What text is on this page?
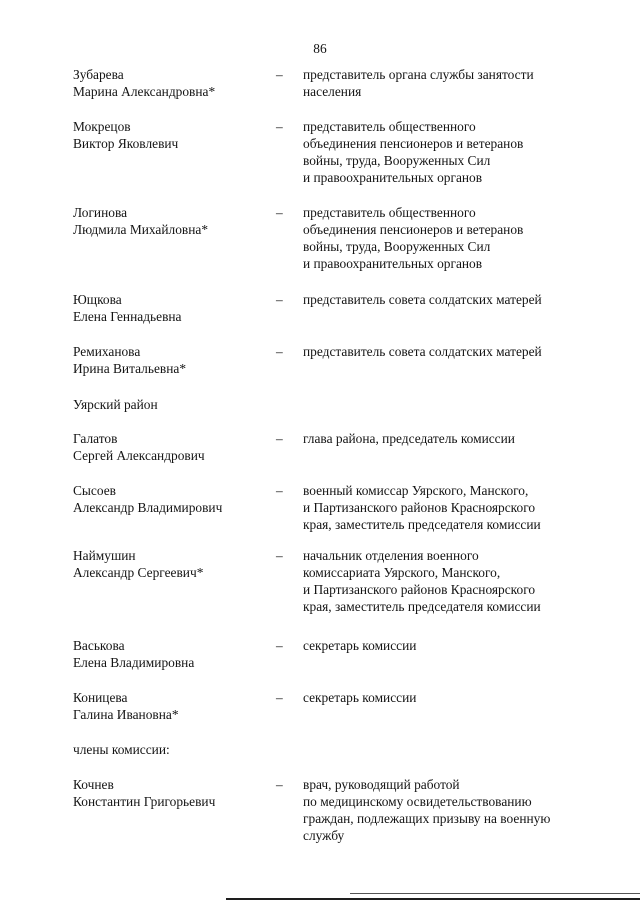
86
Зубарева
Марина Александровна*
– представитель органа службы занятости
населения
Мокрецов
Виктор Яковлевич
– представитель общественного
объединения пенсионеров и ветеранов
войны, труда, Вооруженных Сил
и правоохранительных органов
Логинова
Людмила Михайловна*
– представитель общественного
объединения пенсионеров и ветеранов
войны, труда, Вооруженных Сил
и правоохранительных органов
Ющкова
Елена Геннадьевна
– представитель совета солдатских матерей
Ремиханова
Ирина Витальевна*
– представитель совета солдатских матерей
Уярский район
Галатов
Сергей Александрович
– глава района, председатель комиссии
Сысоев
Александр Владимирович
– военный комиссар Уярского, Манского,
и Партизанского районов Красноярского
края, заместитель председателя комиссии
Наймушин
Александр Сергеевич*
– начальник отделения военного
комиссариата Уярского, Манского,
и Партизанского районов Красноярского
края, заместитель председателя комиссии
Васькова
Елена Владимировна
– секретарь комиссии
Коницева
Галина Ивановна*
– секретарь комиссии
члены комиссии:
Кочнев
Константин Григорьевич
– врач, руководящий работой
по медицинскому освидетельствованию
граждан, подлежащих призыву на военную
службу
